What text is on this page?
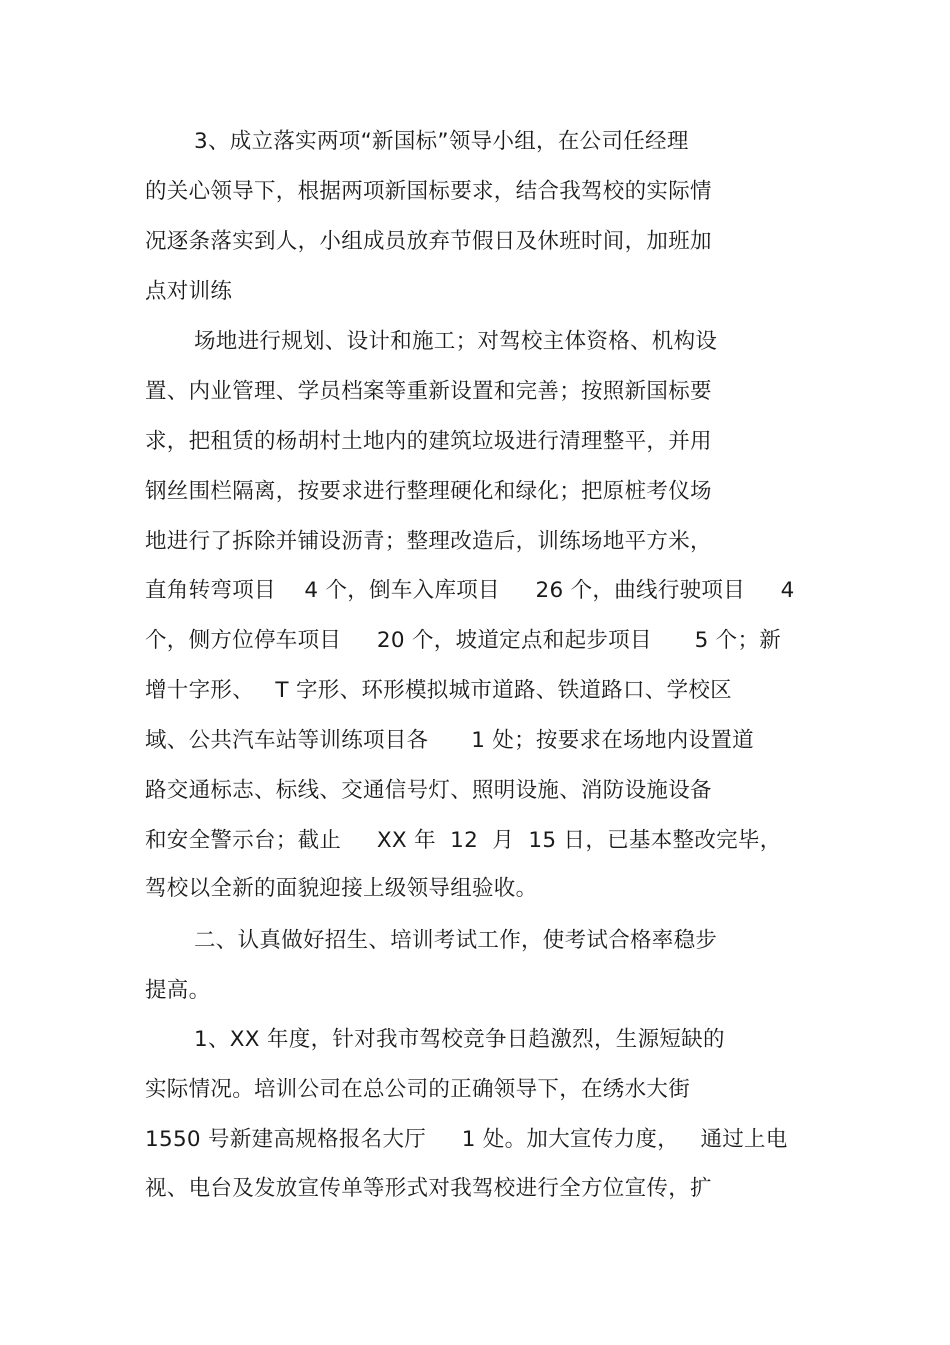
3、成立落实两项“新国标”领导小组，在公司任经理
的关心领导下，根据两项新国标要求，结合我驾校的实际情
况逐条落实到人，小组成员放弃节假日及休班时间，加班加
点对训练
场地进行规划、设计和施工；对驾校主体资格、机构设
置、内业管理、学员档案等重新设置和完善；按照新国标要
求，把租赁的杨胡村土地内的建筑垃圾进行清理整平，并用
钢丝围栏隔离，按要求进行整理硬化和绿化；把原桩考仪场
地进行了拆除并铺设沥青；整理改造后，训练场地平方米，
直角转弯项目    4 个，倒车入库项目     26 个，曲线行驶项目     4
个，侧方位停车项目     20 个，坡道定点和起步项目      5 个；新
增十字形、   T 字形、环形模拟城市道路、铁道路口、学校区
域、公共汽车站等训练项目各      1 处；按要求在场地内设置道
路交通标志、标线、交通信号灯、照明设施、消防设施设备
和安全警示台；截止     XX 年  12  月  15 日，已基本整改完毕，
驾校以全新的面貌迎接上级领导组验收。
二、认真做好招生、培训考试工作，使考试合格率稳步
提高。
1、XX 年度，针对我市驾校竞争日趋激烈，生源短缺的
实际情况。培训公司在总公司的正确领导下，在绣水大街
1550 号新建高规格报名大厅     1 处。加大宣传力度，   通过上电
视、电台及发放宣传单等形式对我驾校进行全方位宣传，扩
